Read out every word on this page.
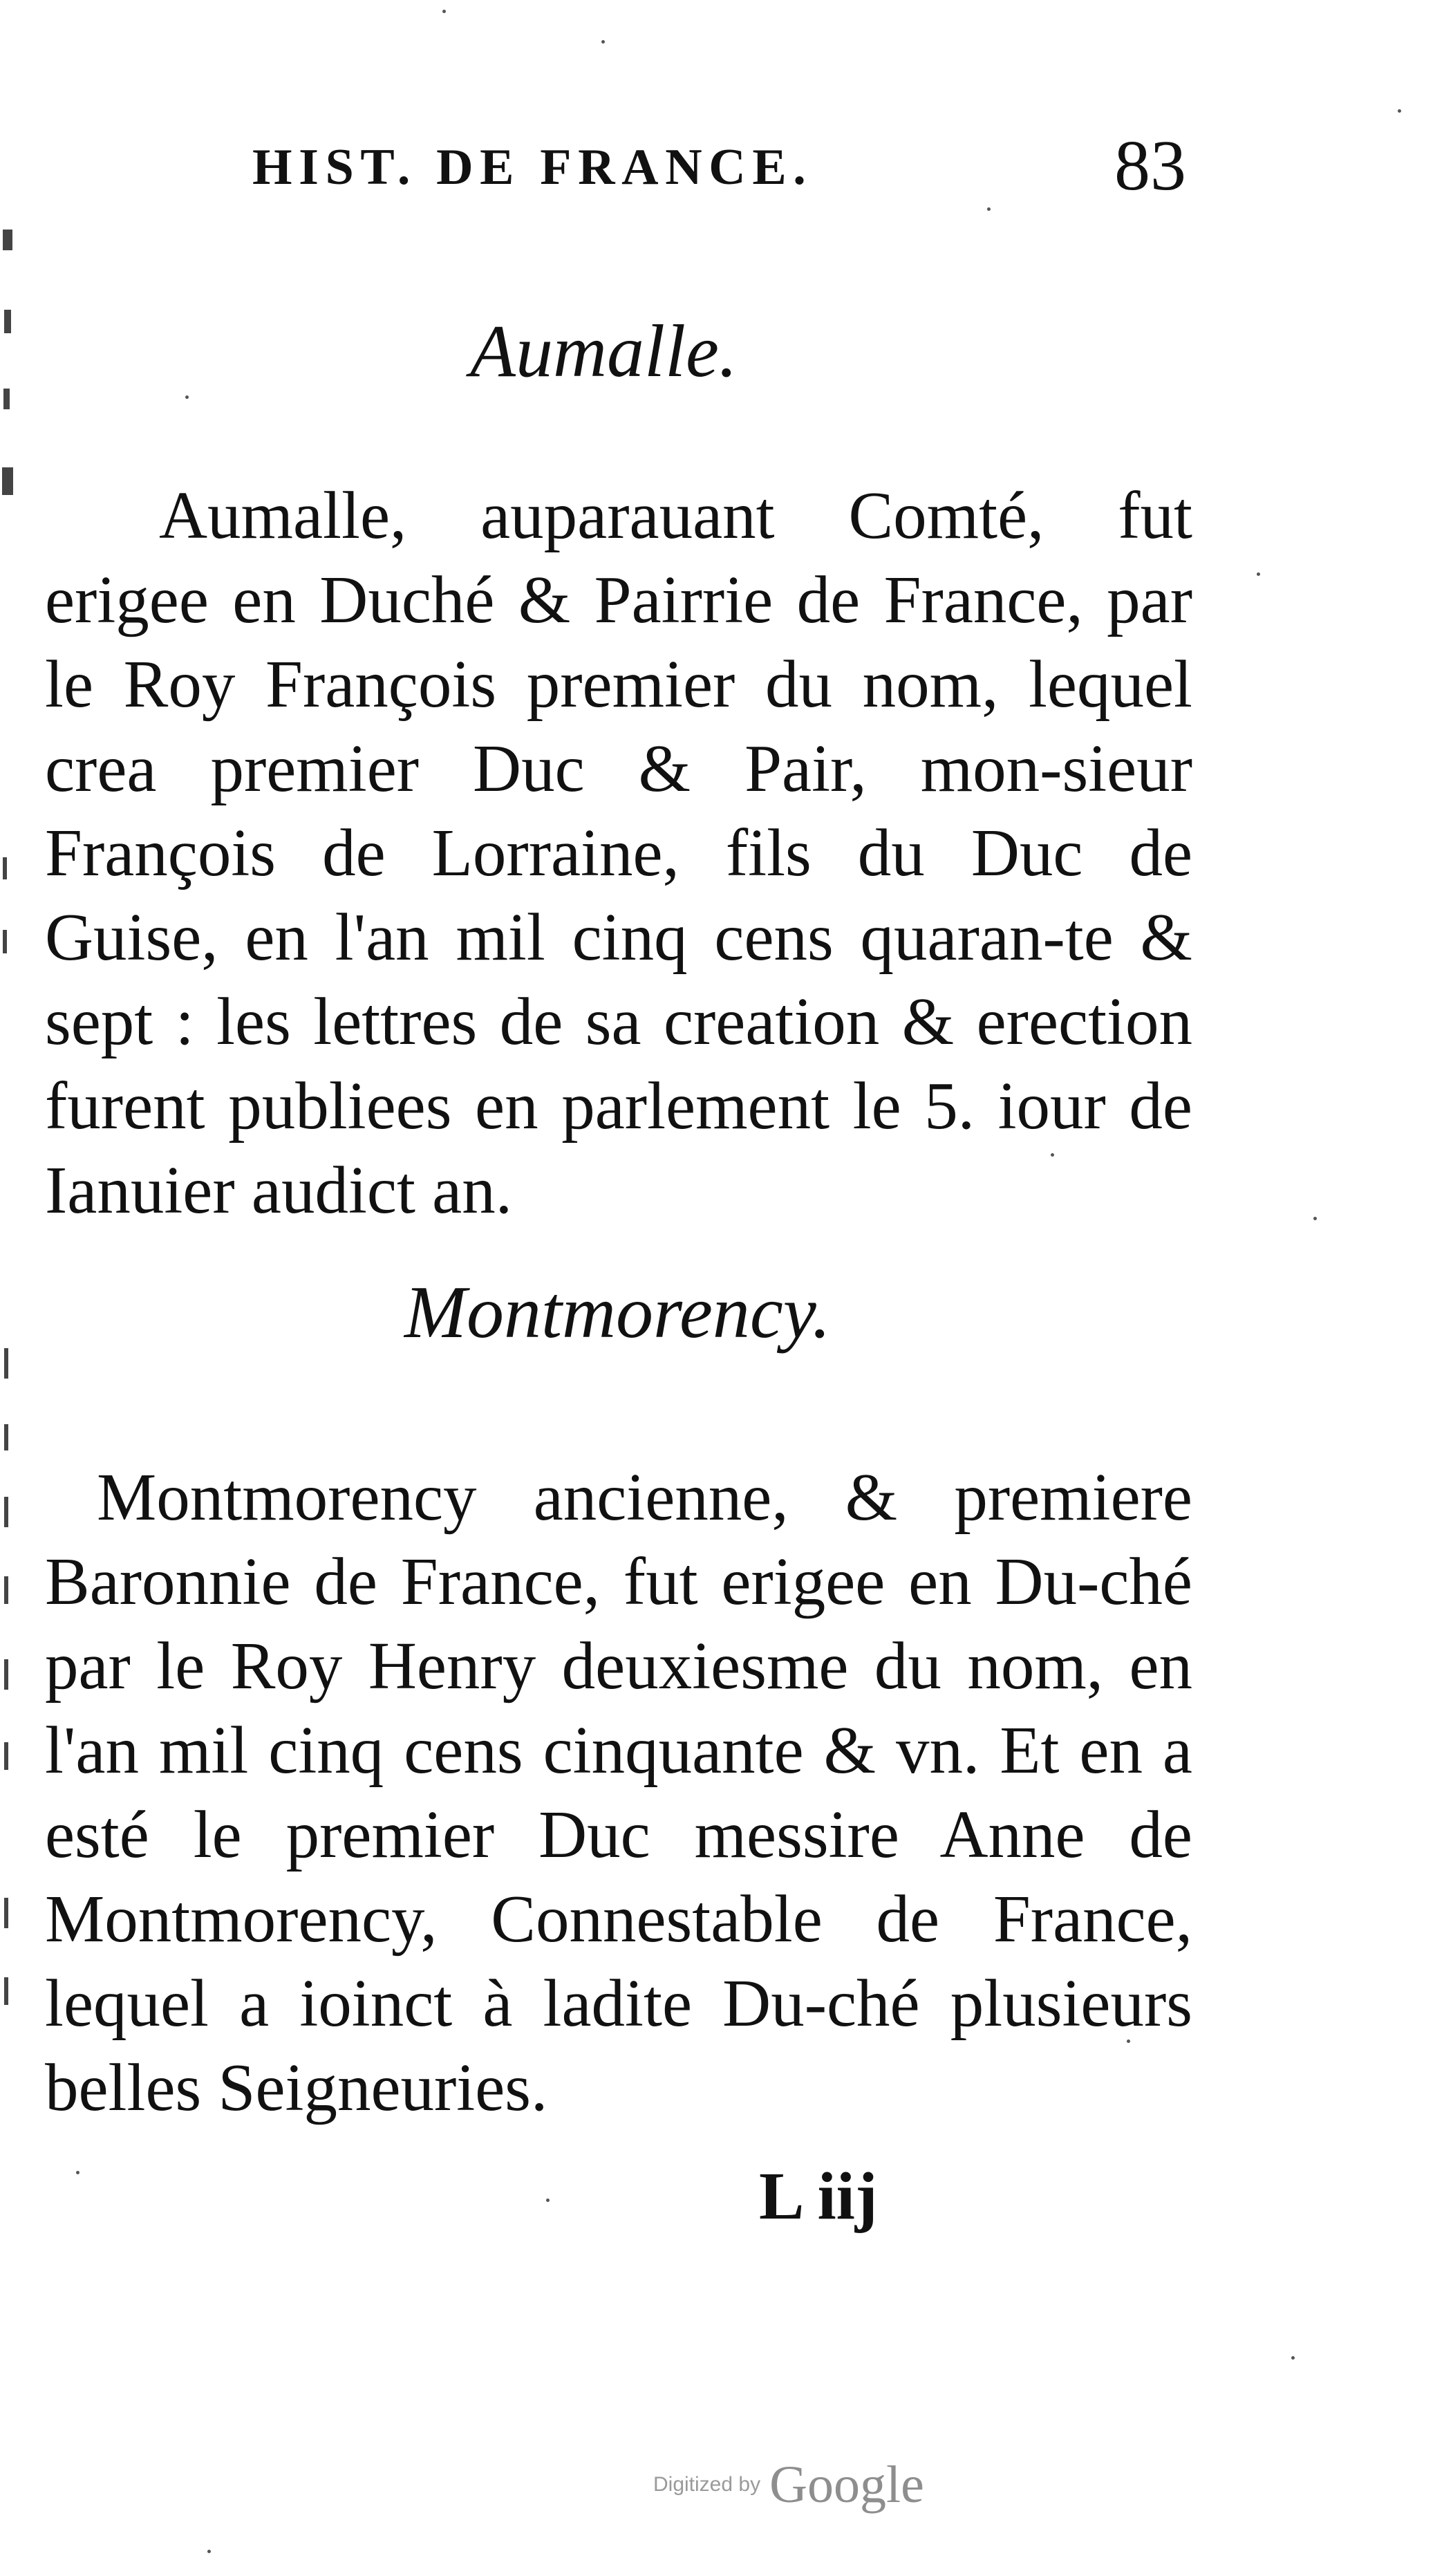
HIST. DE FRANCE.	83
Aumalle.

Aumalle, auparauant Comté, fut erigee en Duché & Pairrie de France, par le Roy François premier du nom, lequel crea premier Duc & Pair, mon-sieur François de Lorraine, fils du Duc de Guise, en l'an mil cinq cens quaran-te & sept : les lettres de sa creation & erection furent publiees en parlement le 5. iour de Ianuier audict an.

Montmorency.

Montmorency ancienne, & premiere Baronnie de France, fut erigee en Du-ché par le Roy Henry deuxiesme du nom, en l'an mil cinq cens cinquante & vn. Et en a esté le premier Duc messire Anne de Montmorency, Connestable de France, lequel a ioinct à ladite Du-ché plusieurs belles Seigneuries.

L iij
Digitized by Google
